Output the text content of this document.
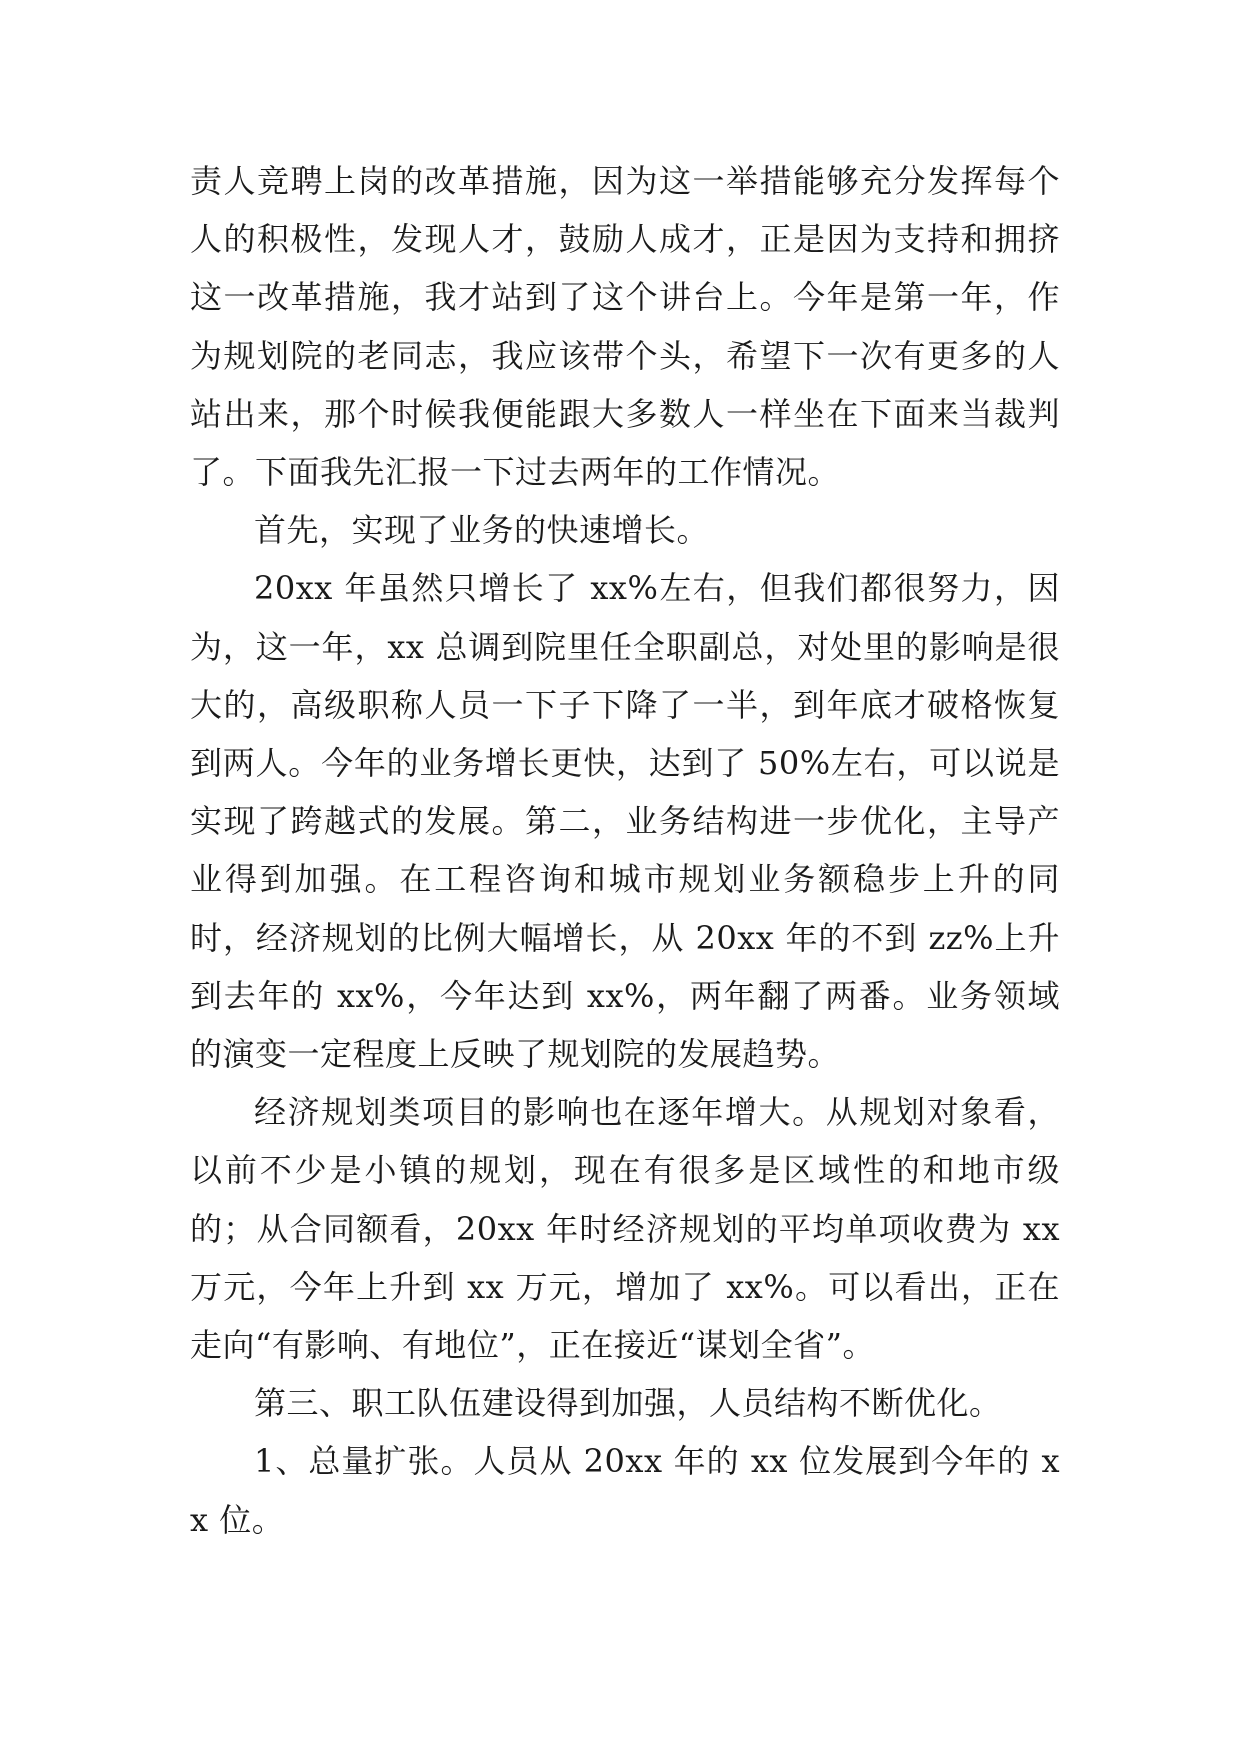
责人竞聘上岗的改革措施，因为这一举措能够充分发挥每个人的积极性，发现人才，鼓励人成才，正是因为支持和拥挤这一改革措施，我才站到了这个讲台上。今年是第一年，作为规划院的老同志，我应该带个头，希望下一次有更多的人站出来，那个时候我便能跟大多数人一样坐在下面来当裁判了。下面我先汇报一下过去两年的工作情况。

首先，实现了业务的快速增长。

20xx 年虽然只增长了 xx%左右，但我们都很努力，因为，这一年，xx 总调到院里任全职副总，对处里的影响是很大的，高级职称人员一下子下降了一半，到年底才破格恢复到两人。今年的业务增长更快，达到了 50%左右，可以说是实现了跨越式的发展。第二，业务结构进一步优化，主导产业得到加强。在工程咨询和城市规划业务额稳步上升的同时，经济规划的比例大幅增长，从 20xx 年的不到 zz%上升到去年的 xx%，今年达到 xx%，两年翻了两番。业务领域的演变一定程度上反映了规划院的发展趋势。

经济规划类项目的影响也在逐年增大。从规划对象看，以前不少是小镇的规划，现在有很多是区域性的和地市级的；从合同额看，20xx 年时经济规划的平均单项收费为 xx 万元，今年上升到 xx 万元，增加了 xx%。可以看出，正在走向“有影响、有地位”，正在接近“谋划全省”。

第三、职工队伍建设得到加强，人员结构不断优化。

1、总量扩张。人员从 20xx 年的 xx 位发展到今年的 xx 位。
